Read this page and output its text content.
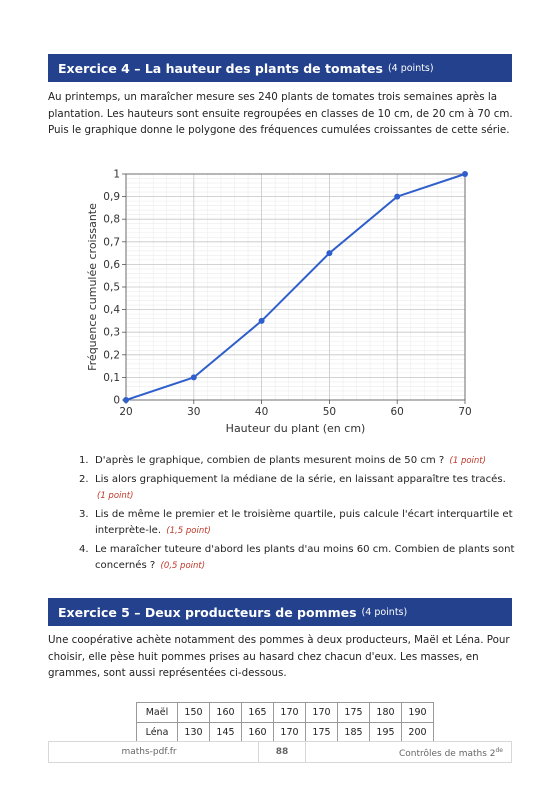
Exercice 4 – La hauteur des plants de tomates (4 points)

Au printemps, un maraîcher mesure ses 240 plants de tomates trois semaines après la plantation. Les hauteurs sont ensuite regroupées en classes de 10 cm, de 20 cm à 70 cm. Puis le graphique donne le polygone des fréquences cumulées croissantes de cette série.

20	30	40	50	60	70
0
0,1
0,2
0,3
0,4
0,5
0,6
0,7
0,8
0,9
1
Hauteur du plant (en cm)
Fréquence cumulée croissante
1. D'après le graphique, combien de plants mesurent moins de 50 cm ? (1 point)
2. Lis alors graphiquement la médiane de la série, en laissant apparaître tes tracés. (1 point)
3. Lis de même le premier et le troisième quartile, puis calcule l'écart interquartile et interprète-le. (1,5 point)
4. Le maraîcher tuteure d'abord les plants d'au moins 60 cm. Combien de plants sont concernés ? (0,5 point)
Exercice 5 – Deux producteurs de pommes (4 points)

Une coopérative achète notamment des pommes à deux producteurs, Maël et Léna. Pour choisir, elle pèse huit pommes prises au hasard chez chacun d'eux. Les masses, en grammes, sont aussi représentées ci-dessous.

Maël	150	160	165	170	170	175	180	190
Léna	130	145	160	170	175	185	195	200
maths-pdf.fr	88	Contrôles de maths 2de
